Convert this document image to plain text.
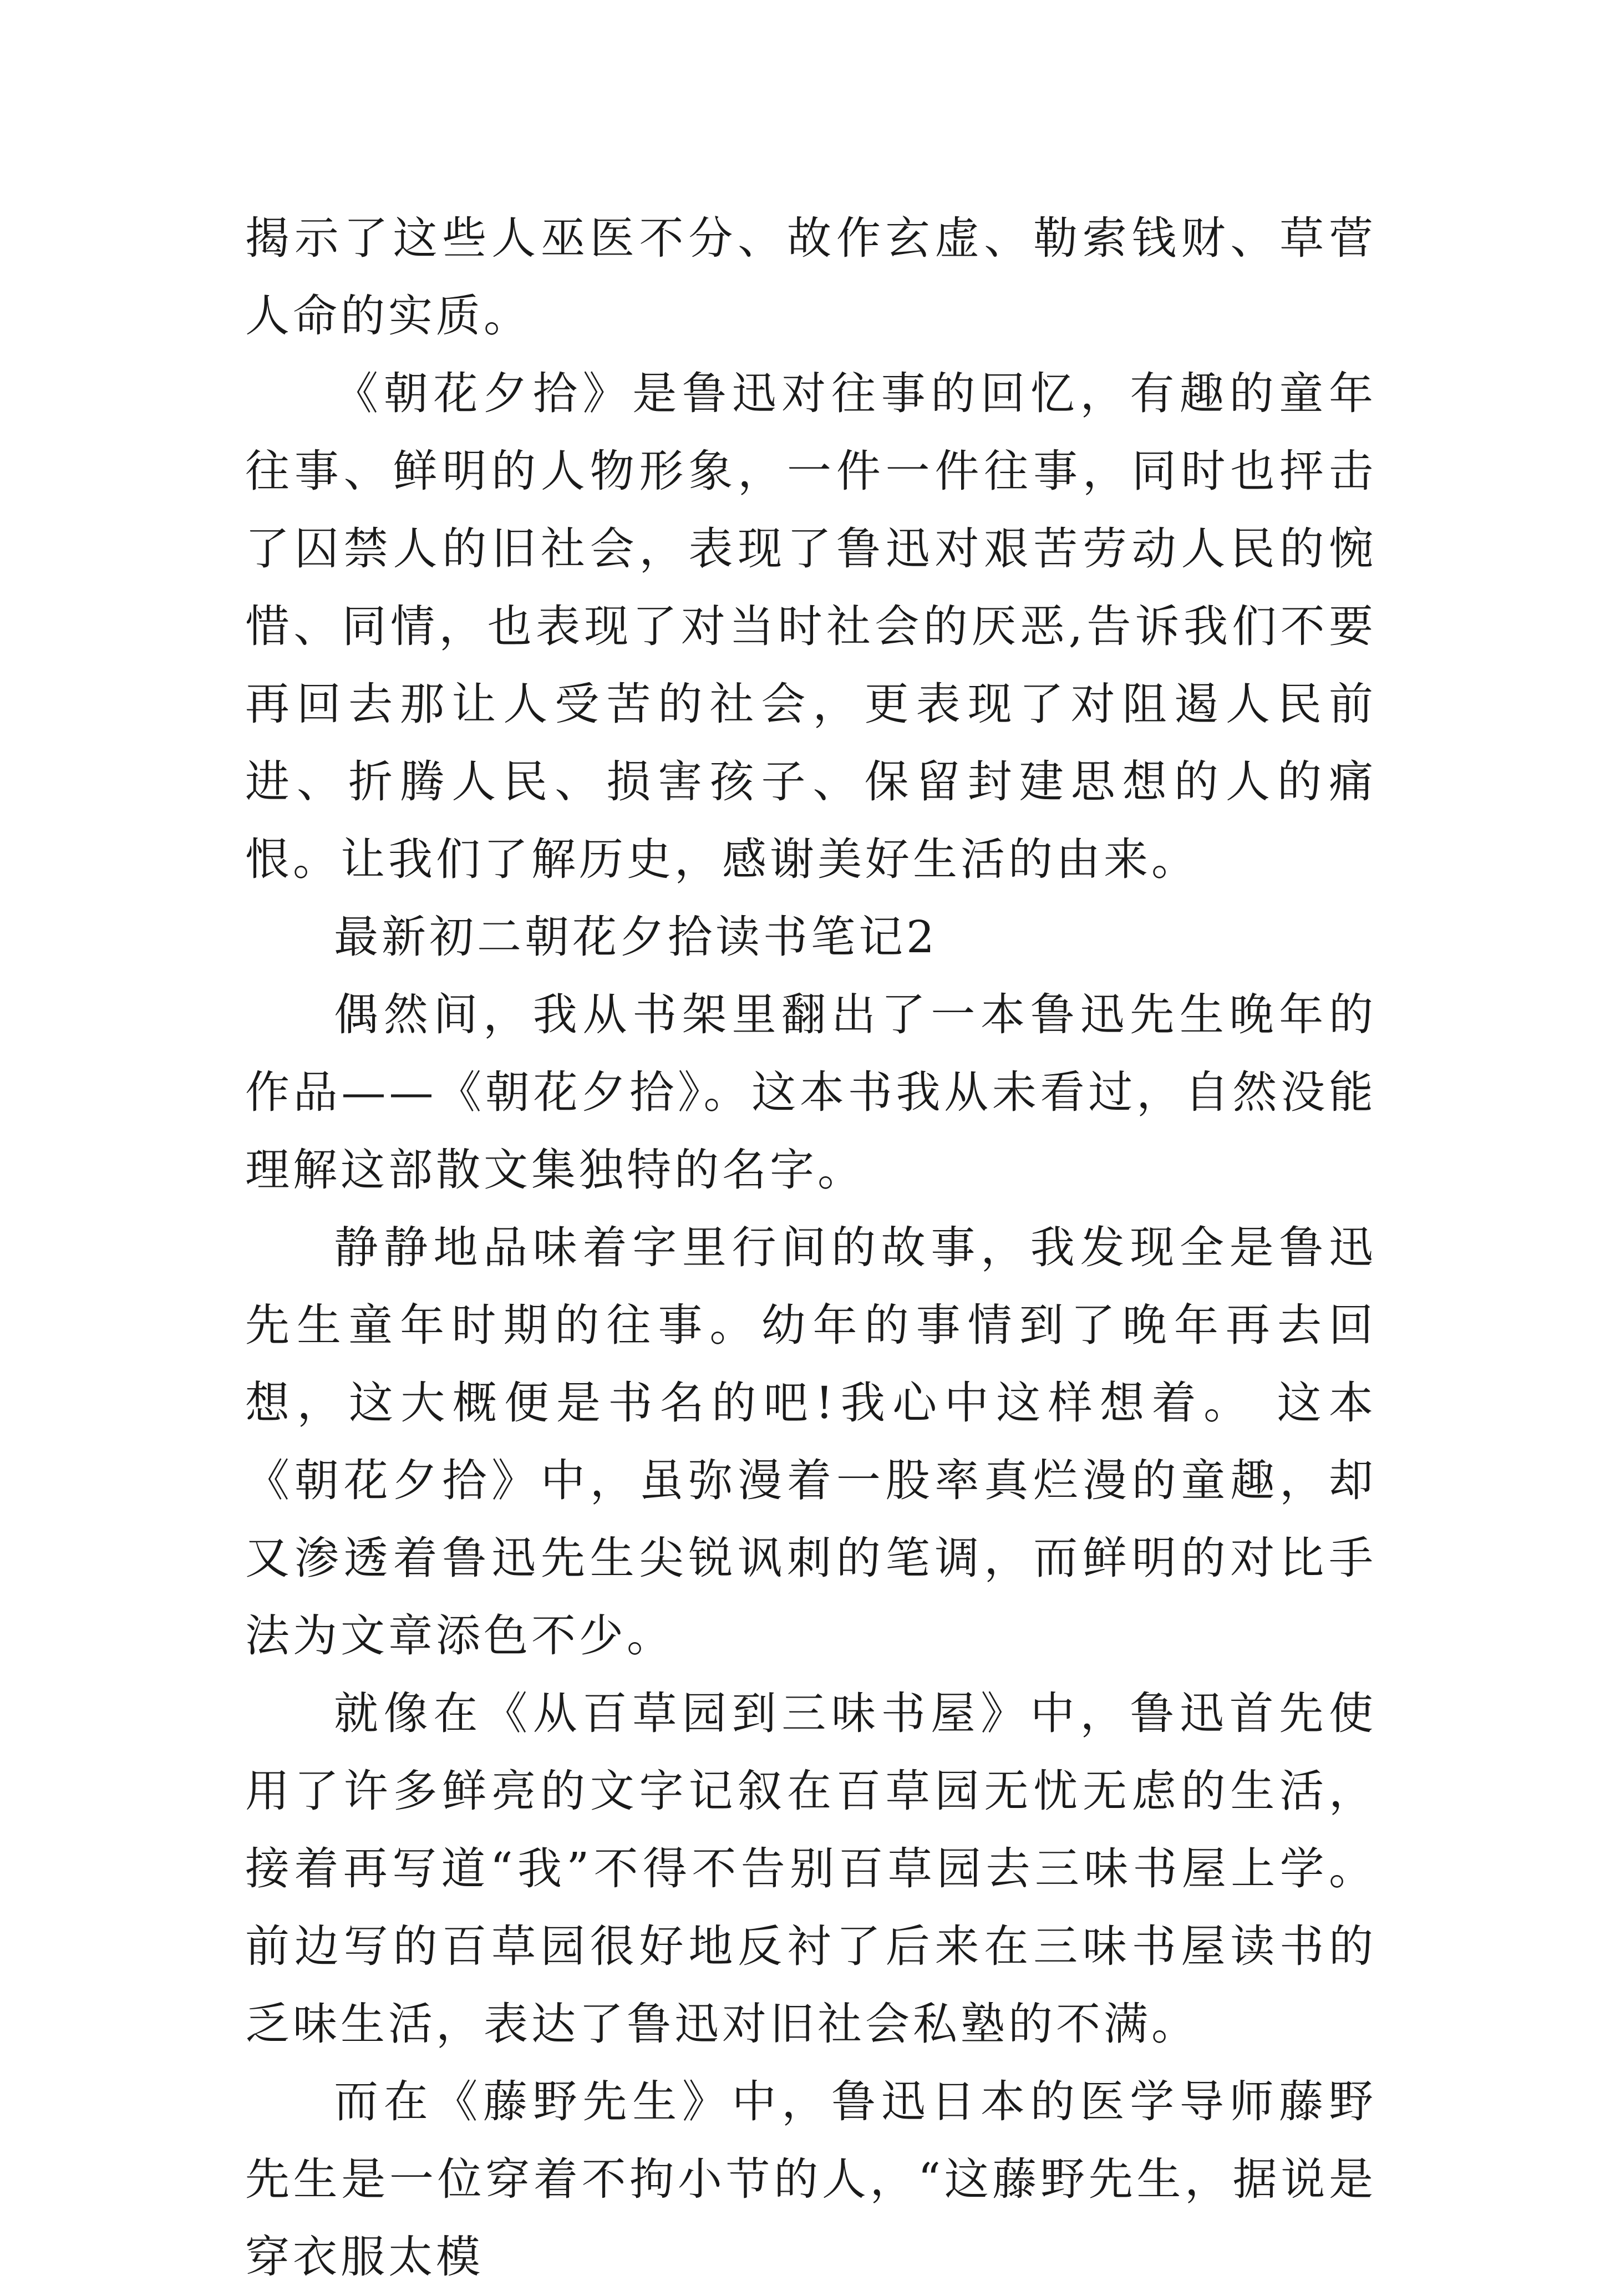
揭示了这些人巫医不分、故作玄虚、勒索钱财、草菅人命的实质。

《朝花夕拾》是鲁迅对往事的回忆，有趣的童年往事、鲜明的人物形象，一件一件往事，同时也抨击了囚禁人的旧社会，表现了鲁迅对艰苦劳动人民的惋惜、同情，也表现了对当时社会的厌恶,告诉我们不要再回去那让人受苦的社会，更表现了对阻遏人民前进、折腾人民、损害孩子、保留封建思想的人的痛恨。让我们了解历史，感谢美好生活的由来。

最新初二朝花夕拾读书笔记2

偶然间，我从书架里翻出了一本鲁迅先生晚年的作品——《朝花夕拾》。这本书我从未看过，自然没能理解这部散文集独特的名字。

静静地品味着字里行间的故事，我发现全是鲁迅先生童年时期的往事。幼年的事情到了晚年再去回想，这大概便是书名的吧!我心中这样想着。 这本《朝花夕拾》中，虽弥漫着一股率真烂漫的童趣，却又渗透着鲁迅先生尖锐讽刺的笔调，而鲜明的对比手法为文章添色不少。

就像在《从百草园到三味书屋》中，鲁迅首先使用了许多鲜亮的文字记叙在百草园无忧无虑的生活，接着再写道“我”不得不告别百草园去三味书屋上学。前边写的百草园很好地反衬了后来在三味书屋读书的乏味生活，表达了鲁迅对旧社会私塾的不满。

而在《藤野先生》中，鲁迅日本的医学导师藤野先生是一位穿着不拘小节的人，“这藤野先生，据说是穿衣服太模
